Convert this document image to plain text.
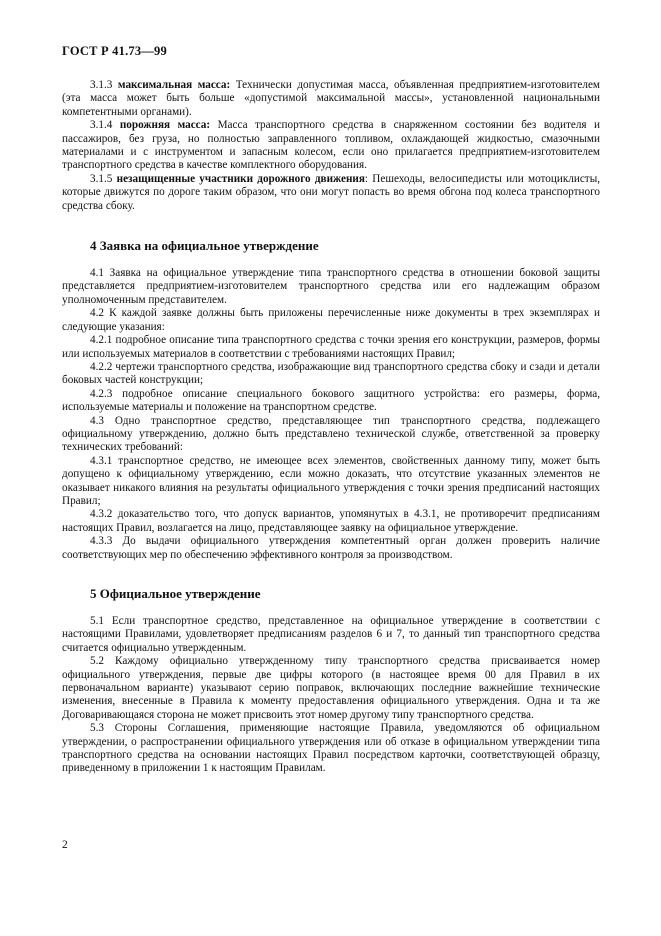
ГОСТ Р 41.73—99

3.1.3 максимальная масса: Технически допустимая масса, объявленная предприятием-изготовителем (эта масса может быть больше «допустимой максимальной массы», установленной национальными компетентными органами).

3.1.4 порожняя масса: Масса транспортного средства в снаряженном состоянии без водителя и пассажиров, без груза, но полностью заправленного топливом, охлаждающей жидкостью, смазочными материалами и с инструментом и запасным колесом, если оно прилагается предприятием-изготовителем транспортного средства в качестве комплектного оборудования.

3.1.5 незащищенные участники дорожного движения: Пешеходы, велосипедисты или мотоциклисты, которые движутся по дороге таким образом, что они могут попасть во время обгона под колеса транспортного средства сбоку.

4 Заявка на официальное утверждение

4.1 Заявка на официальное утверждение типа транспортного средства в отношении боковой защиты представляется предприятием-изготовителем транспортного средства или его надлежащим образом уполномоченным представителем.

4.2 К каждой заявке должны быть приложены перечисленные ниже документы в трех экземплярах и следующие указания:

4.2.1 подробное описание типа транспортного средства с точки зрения его конструкции, размеров, формы или используемых материалов в соответствии с требованиями настоящих Правил;

4.2.2 чертежи транспортного средства, изображающие вид транспортного средства сбоку и сзади и детали боковых частей конструкции;

4.2.3 подробное описание специального бокового защитного устройства: его размеры, форма, используемые материалы и положение на транспортном средстве.

4.3 Одно транспортное средство, представляющее тип транспортного средства, подлежащего официальному утверждению, должно быть представлено технической службе, ответственной за проверку технических требований:

4.3.1 транспортное средство, не имеющее всех элементов, свойственных данному типу, может быть допущено к официальному утверждению, если можно доказать, что отсутствие указанных элементов не оказывает никакого влияния на результаты официального утверждения с точки зрения предписаний настоящих Правил;

4.3.2 доказательство того, что допуск вариантов, упомянутых в 4.3.1, не противоречит предписаниям настоящих Правил, возлагается на лицо, представляющее заявку на официальное утверждение.

4.3.3 До выдачи официального утверждения компетентный орган должен проверить наличие соответствующих мер по обеспечению эффективного контроля за производством.

5 Официальное утверждение

5.1 Если транспортное средство, представленное на официальное утверждение в соответствии с настоящими Правилами, удовлетворяет предписаниям разделов 6 и 7, то данный тип транспортного средства считается официально утвержденным.

5.2 Каждому официально утвержденному типу транспортного средства присваивается номер официального утверждения, первые две цифры которого (в настоящее время 00 для Правил в их первоначальном варианте) указывают серию поправок, включающих последние важнейшие технические изменения, внесенные в Правила к моменту предоставления официального утверждения. Одна и та же Договаривающаяся сторона не может присвоить этот номер другому типу транспортного средства.

5.3 Стороны Соглашения, применяющие настоящие Правила, уведомляются об официальном утверждении, о распространении официального утверждения или об отказе в официальном утверждении типа транспортного средства на основании настоящих Правил посредством карточки, соответствующей образцу, приведенному в приложении 1 к настоящим Правилам.

2
